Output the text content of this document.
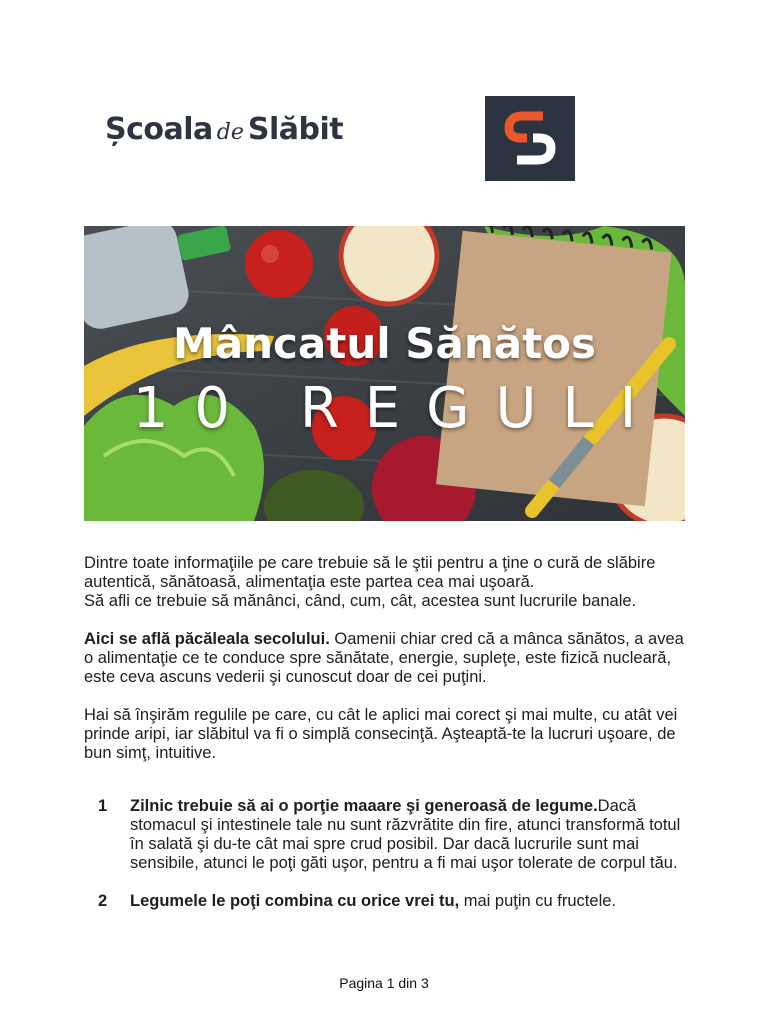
Școala de Slăbit
Mâncatul Sănătos
10 REGULI

Dintre toate informaţiile pe care trebuie să le ştii pentru a ţine o cură de slăbire autentică, sănătoasă, alimentaţia este partea cea mai uşoară.
Să afli ce trebuie să mănânci, când, cum, cât, acestea sunt lucrurile banale.

Aici se află păcăleala secolului. Oamenii chiar cred că a mânca sănătos, a avea o alimentaţie ce te conduce spre sănătate, energie, supleţe, este fizică nucleară, este ceva ascuns vederii şi cunoscut doar de cei puţini.

Hai să înşirăm regulile pe care, cu cât le aplici mai corect şi mai multe, cu atât vei prinde aripi, iar slăbitul va fi o simplă consecinţă. Aşteaptă-te la lucruri uşoare, de bun simţ, intuitive.

1 Zilnic trebuie să ai o porţie maaare şi generoasă de legume.Dacă stomacul şi intestinele tale nu sunt răzvrătite din fire, atunci transformă totul în salată şi du-te cât mai spre crud posibil. Dar dacă lucrurile sunt mai sensibile, atunci le poţi găti uşor, pentru a fi mai uşor tolerate de corpul tău.
2 Legumele le poţi combina cu orice vrei tu, mai puţin cu fructele.
Pagina 1 din 3
